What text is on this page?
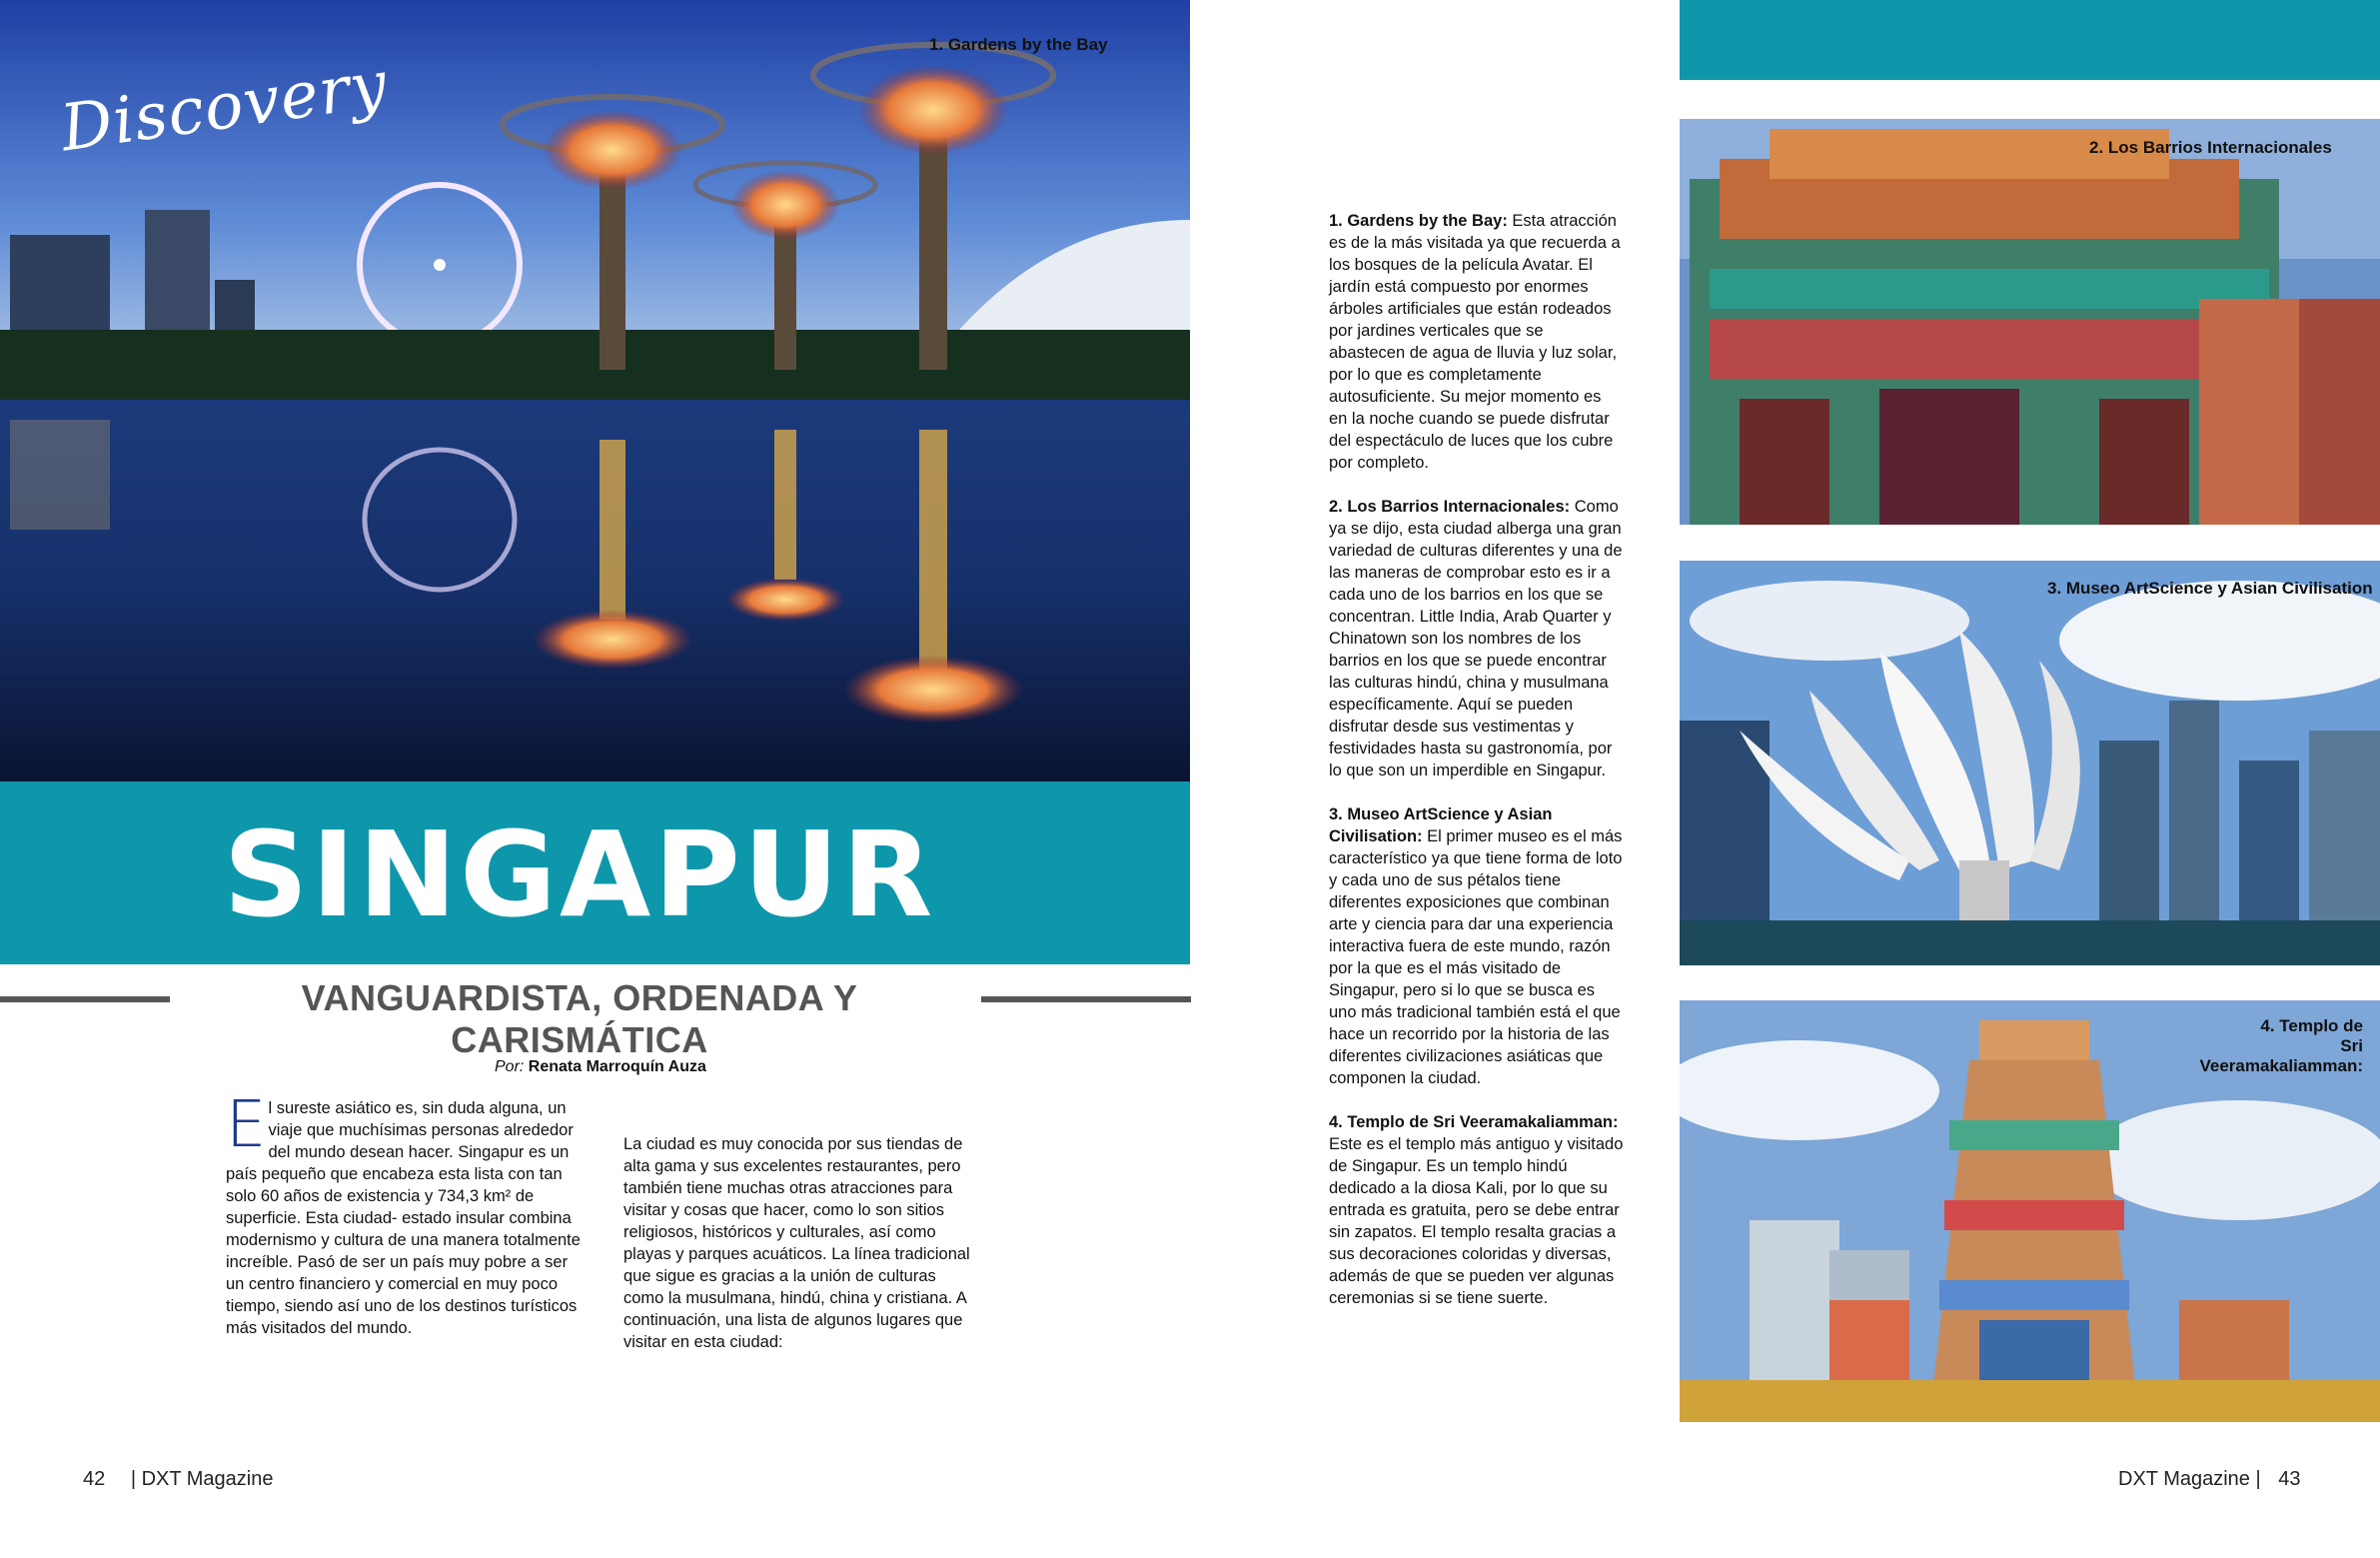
1. Gardens by the Bay
Discovery
SINGAPUR
VANGUARDISTA, ORDENADA Y CARISMÁTICA
Por: Renata Marroquín Auza
El sureste asiático es, sin duda alguna, un viaje que muchísimas personas alrededor del mundo desean hacer. Singapur es un país pequeño que encabeza esta lista con tan solo 60 años de existencia y 734,3 km² de superficie. Esta ciudad- estado insular combina modernismo y cultura de una manera totalmente increíble. Pasó de ser un país muy pobre a ser un centro financiero y comercial en muy poco tiempo, siendo así uno de los destinos turísticos más visitados del mundo.
La ciudad es muy conocida por sus tiendas de alta gama y sus excelentes restaurantes, pero también tiene muchas otras atracciones para visitar y cosas que hacer, como lo son sitios religiosos, históricos y culturales, así como playas y parques acuáticos. La línea tradicional que sigue es gracias a la unión de culturas como la musulmana, hindú, china y cristiana. A continuación, una lista de algunos lugares que visitar en esta ciudad:

1. Gardens by the Bay: Esta atracción es de la más visitada ya que recuerda a los bosques de la película Avatar. El jardín está compuesto por enormes árboles artificiales que están rodeados por jardines verticales que se abastecen de agua de lluvia y luz solar, por lo que es completamente autosuficiente. Su mejor momento es en la noche cuando se puede disfrutar del espectáculo de luces que los cubre por completo.

2. Los Barrios Internacionales: Como ya se dijo, esta ciudad alberga una gran variedad de culturas diferentes y una de las maneras de comprobar esto es ir a cada uno de los barrios en los que se concentran. Little India, Arab Quarter y Chinatown son los nombres de los barrios en los que se puede encontrar las culturas hindú, china y musulmana específicamente. Aquí se pueden disfrutar desde sus vestimentas y festividades hasta su gastronomía, por lo que son un imperdible en Singapur.

3. Museo ArtScience y Asian Civilisation: El primer museo es el más característico ya que tiene forma de loto y cada uno de sus pétalos tiene diferentes exposiciones que combinan arte y ciencia para dar una experiencia interactiva fuera de este mundo, razón por la que es el más visitado de Singapur, pero si lo que se busca es uno más tradicional también está el que hace un recorrido por la historia de las diferentes civilizaciones asiáticas que componen la ciudad.

4. Templo de Sri Veeramakaliamman: Este es el templo más antiguo y visitado de Singapur. Es un templo hindú dedicado a la diosa Kali, por lo que su entrada es gratuita, pero se debe entrar sin zapatos. El templo resalta gracias a sus decoraciones coloridas y diversas, además de que se pueden ver algunas ceremonias si se tiene suerte.

2. Los Barrios Internacionales
3. Museo ArtScience y Asian Civilisation
4. Templo de
Sri Veeramakaliamman:
42 | DXT Magazine	DXT Magazine | 43
